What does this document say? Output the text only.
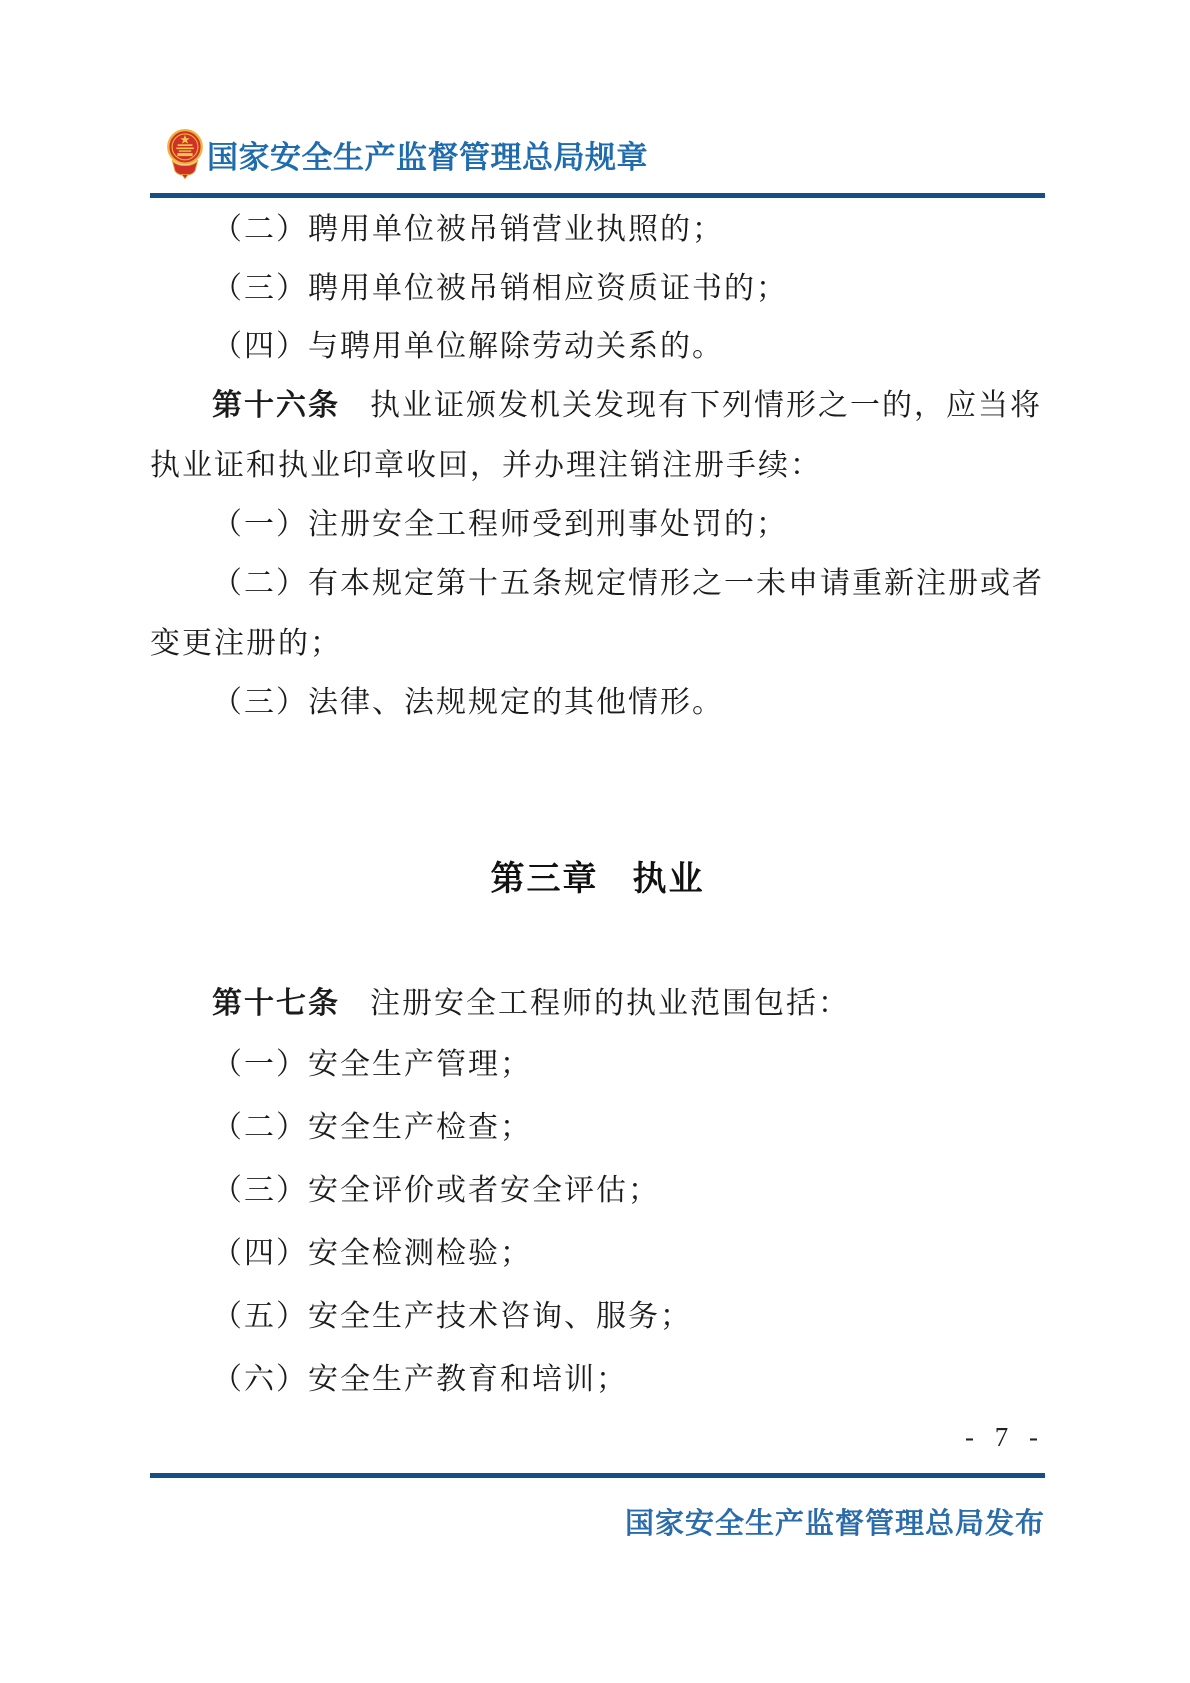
国家安全生产监督管理总局规章
（二）聘用单位被吊销营业执照的；
（三）聘用单位被吊销相应资质证书的；
（四）与聘用单位解除劳动关系的。
第十六条 执业证颁发机关发现有下列情形之一的，应当将
执业证和执业印章收回，并办理注销注册手续：
（一）注册安全工程师受到刑事处罚的；
（二）有本规定第十五条规定情形之一未申请重新注册或者
变更注册的；
（三）法律、法规规定的其他情形。
第三章 执业
第十七条 注册安全工程师的执业范围包括：
（一）安全生产管理；
（二）安全生产检查；
（三）安全评价或者安全评估；
（四）安全检测检验；
（五）安全生产技术咨询、服务；
（六）安全生产教育和培训；
- 7 -
国家安全生产监督管理总局发布
